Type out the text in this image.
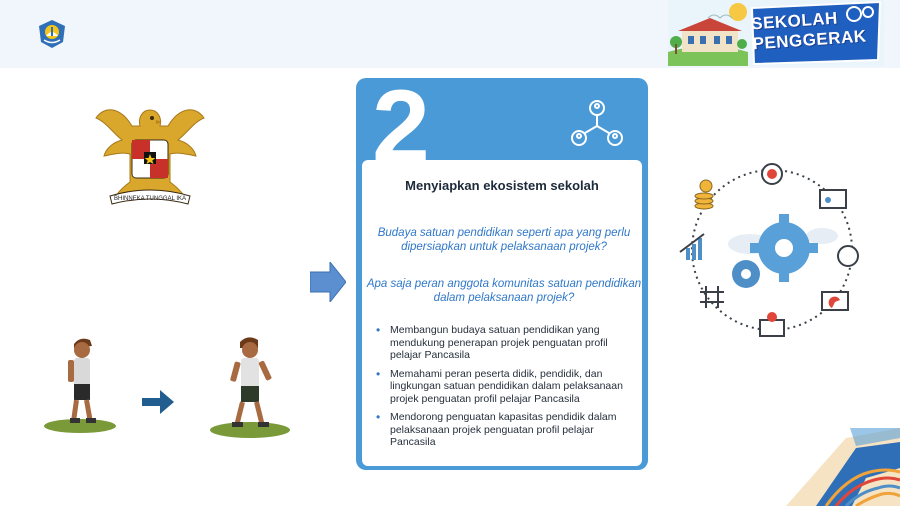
SEKOLAH
PENGGERAK
BHINNEKA TUNGGAL IKA
2
Menyiapkan ekosistem sekolah
Budaya satuan pendidikan seperti apa yang perlu dipersiapkan untuk pelaksanaan projek?
Apa saja peran anggota komunitas satuan pendidikan dalam pelaksanaan projek?
• Membangun budaya satuan pendidikan yang mendukung penerapan projek penguatan profil pelajar Pancasila
• Memahami peran peserta didik, pendidik, dan lingkungan satuan pendidikan dalam pelaksanaan projek penguatan profil pelajar Pancasila
• Mendorong penguatan kapasitas pendidik dalam pelaksanaan projek penguatan profil pelajar Pancasila
